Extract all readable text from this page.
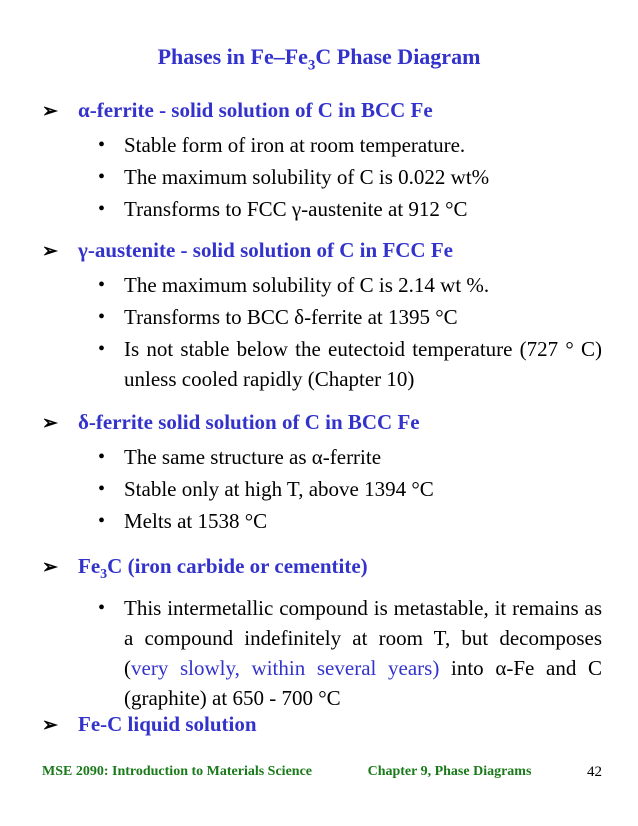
Phases in $Fe-Fe_3C$ Phase Diagram
➢ α-ferrite - solid solution of C in BCC Fe
• Stable form of iron at room temperature.
• The maximum solubility of C is 0.022 wt%
• Transforms to FCC γ-austenite at 912 °C
➢ γ-austenite - solid solution of C in FCC Fe
• The maximum solubility of C is 2.14 wt %.
• Transforms to BCC δ-ferrite at 1395 °C
• Is not stable below the eutectoid temperature (727 ° C) unless cooled rapidly (Chapter 10)
➢ δ-ferrite solid solution of C in BCC Fe
• The same structure as α-ferrite
• Stable only at high T, above 1394 °C
• Melts at 1538 °C
➢ $Fe_3C$ (iron carbide or cementite)
• This intermetallic compound is metastable, it remains as a compound indefinitely at room T, but decomposes (very slowly, within several years) into α-Fe and C (graphite) at 650 - 700 °C
➢ Fe-C liquid solution
MSE 2090: Introduction to Materials Science	Chapter 9, Phase Diagrams	42
